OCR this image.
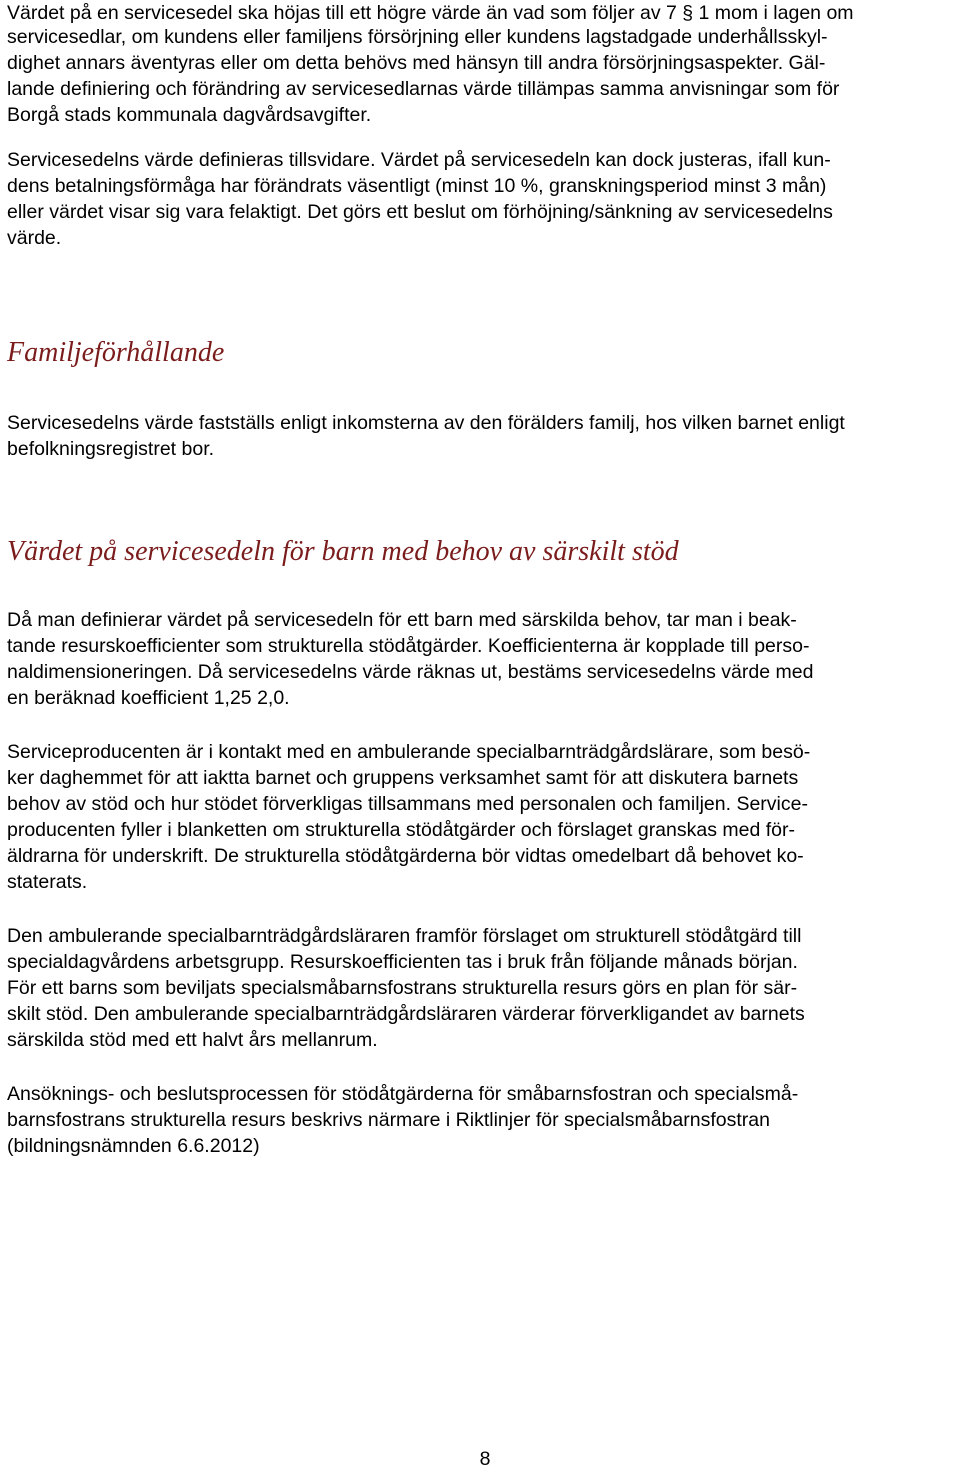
Värdet på en servicesedel ska höjas till ett högre värde än vad som följer av 7 § 1 mom i lagen om
servicesedlar, om kundens eller familjens försörjning eller kundens lagstadgade underhållsskyl-
dighet annars äventyras eller om detta behövs med hänsyn till andra försörjningsaspekter. Gäl-
lande definiering och förändring av servicesedlarnas värde tillämpas samma anvisningar som för
Borgå stads kommunala dagvårdsavgifter.
Servicesedelns värde definieras tillsvidare. Värdet på servicesedeln kan dock justeras, ifall kun-
dens betalningsförmåga har förändrats väsentligt (minst 10 %, granskningsperiod minst 3 mån)
eller värdet visar sig vara felaktigt. Det görs ett beslut om förhöjning/sänkning av servicesedelns
värde.
Familjeförhållande
Servicesedelns värde fastställs enligt inkomsterna av den förälders familj, hos vilken barnet enligt
befolkningsregistret bor.
Värdet på servicesedeln för barn med behov av särskilt stöd
Då man definierar värdet på servicesedeln för ett barn med särskilda behov, tar man i beak-
tande resurskoefficienter som strukturella stödåtgärder. Koefficienterna är kopplade till perso-
naldimensioneringen. Då servicesedelns värde räknas ut, bestäms servicesedelns värde med
en beräknad koefficient 1,25 2,0.
Serviceproducenten är i kontakt med en ambulerande specialbarnträdgårdslärare, som besö-
ker daghemmet för att iaktta barnet och gruppens verksamhet samt för att diskutera barnets
behov av stöd och hur stödet förverkligas tillsammans med personalen och familjen. Service-
producenten fyller i blanketten om strukturella stödåtgärder och förslaget granskas med för-
äldrarna för underskrift. De strukturella stödåtgärderna bör vidtas omedelbart då behovet ko-
staterats.
Den ambulerande specialbarnträdgårdsläraren framför förslaget om strukturell stödåtgärd till
specialdagvårdens arbetsgrupp. Resurskoefficienten tas i bruk från följande månads början.
För ett barns som beviljats specialsmåbarnsfostrans strukturella resurs görs en plan för sär-
skilt stöd. Den ambulerande specialbarnträdgårdsläraren värderar förverkligandet av barnets
särskilda stöd med ett halvt års mellanrum.
Ansöknings- och beslutsprocessen för stödåtgärderna för småbarnsfostran och specialsmå-
barnsfostrans strukturella resurs beskrivs närmare i Riktlinjer för specialsmåbarnsfostran
(bildningsnämnden 6.6.2012)
8
